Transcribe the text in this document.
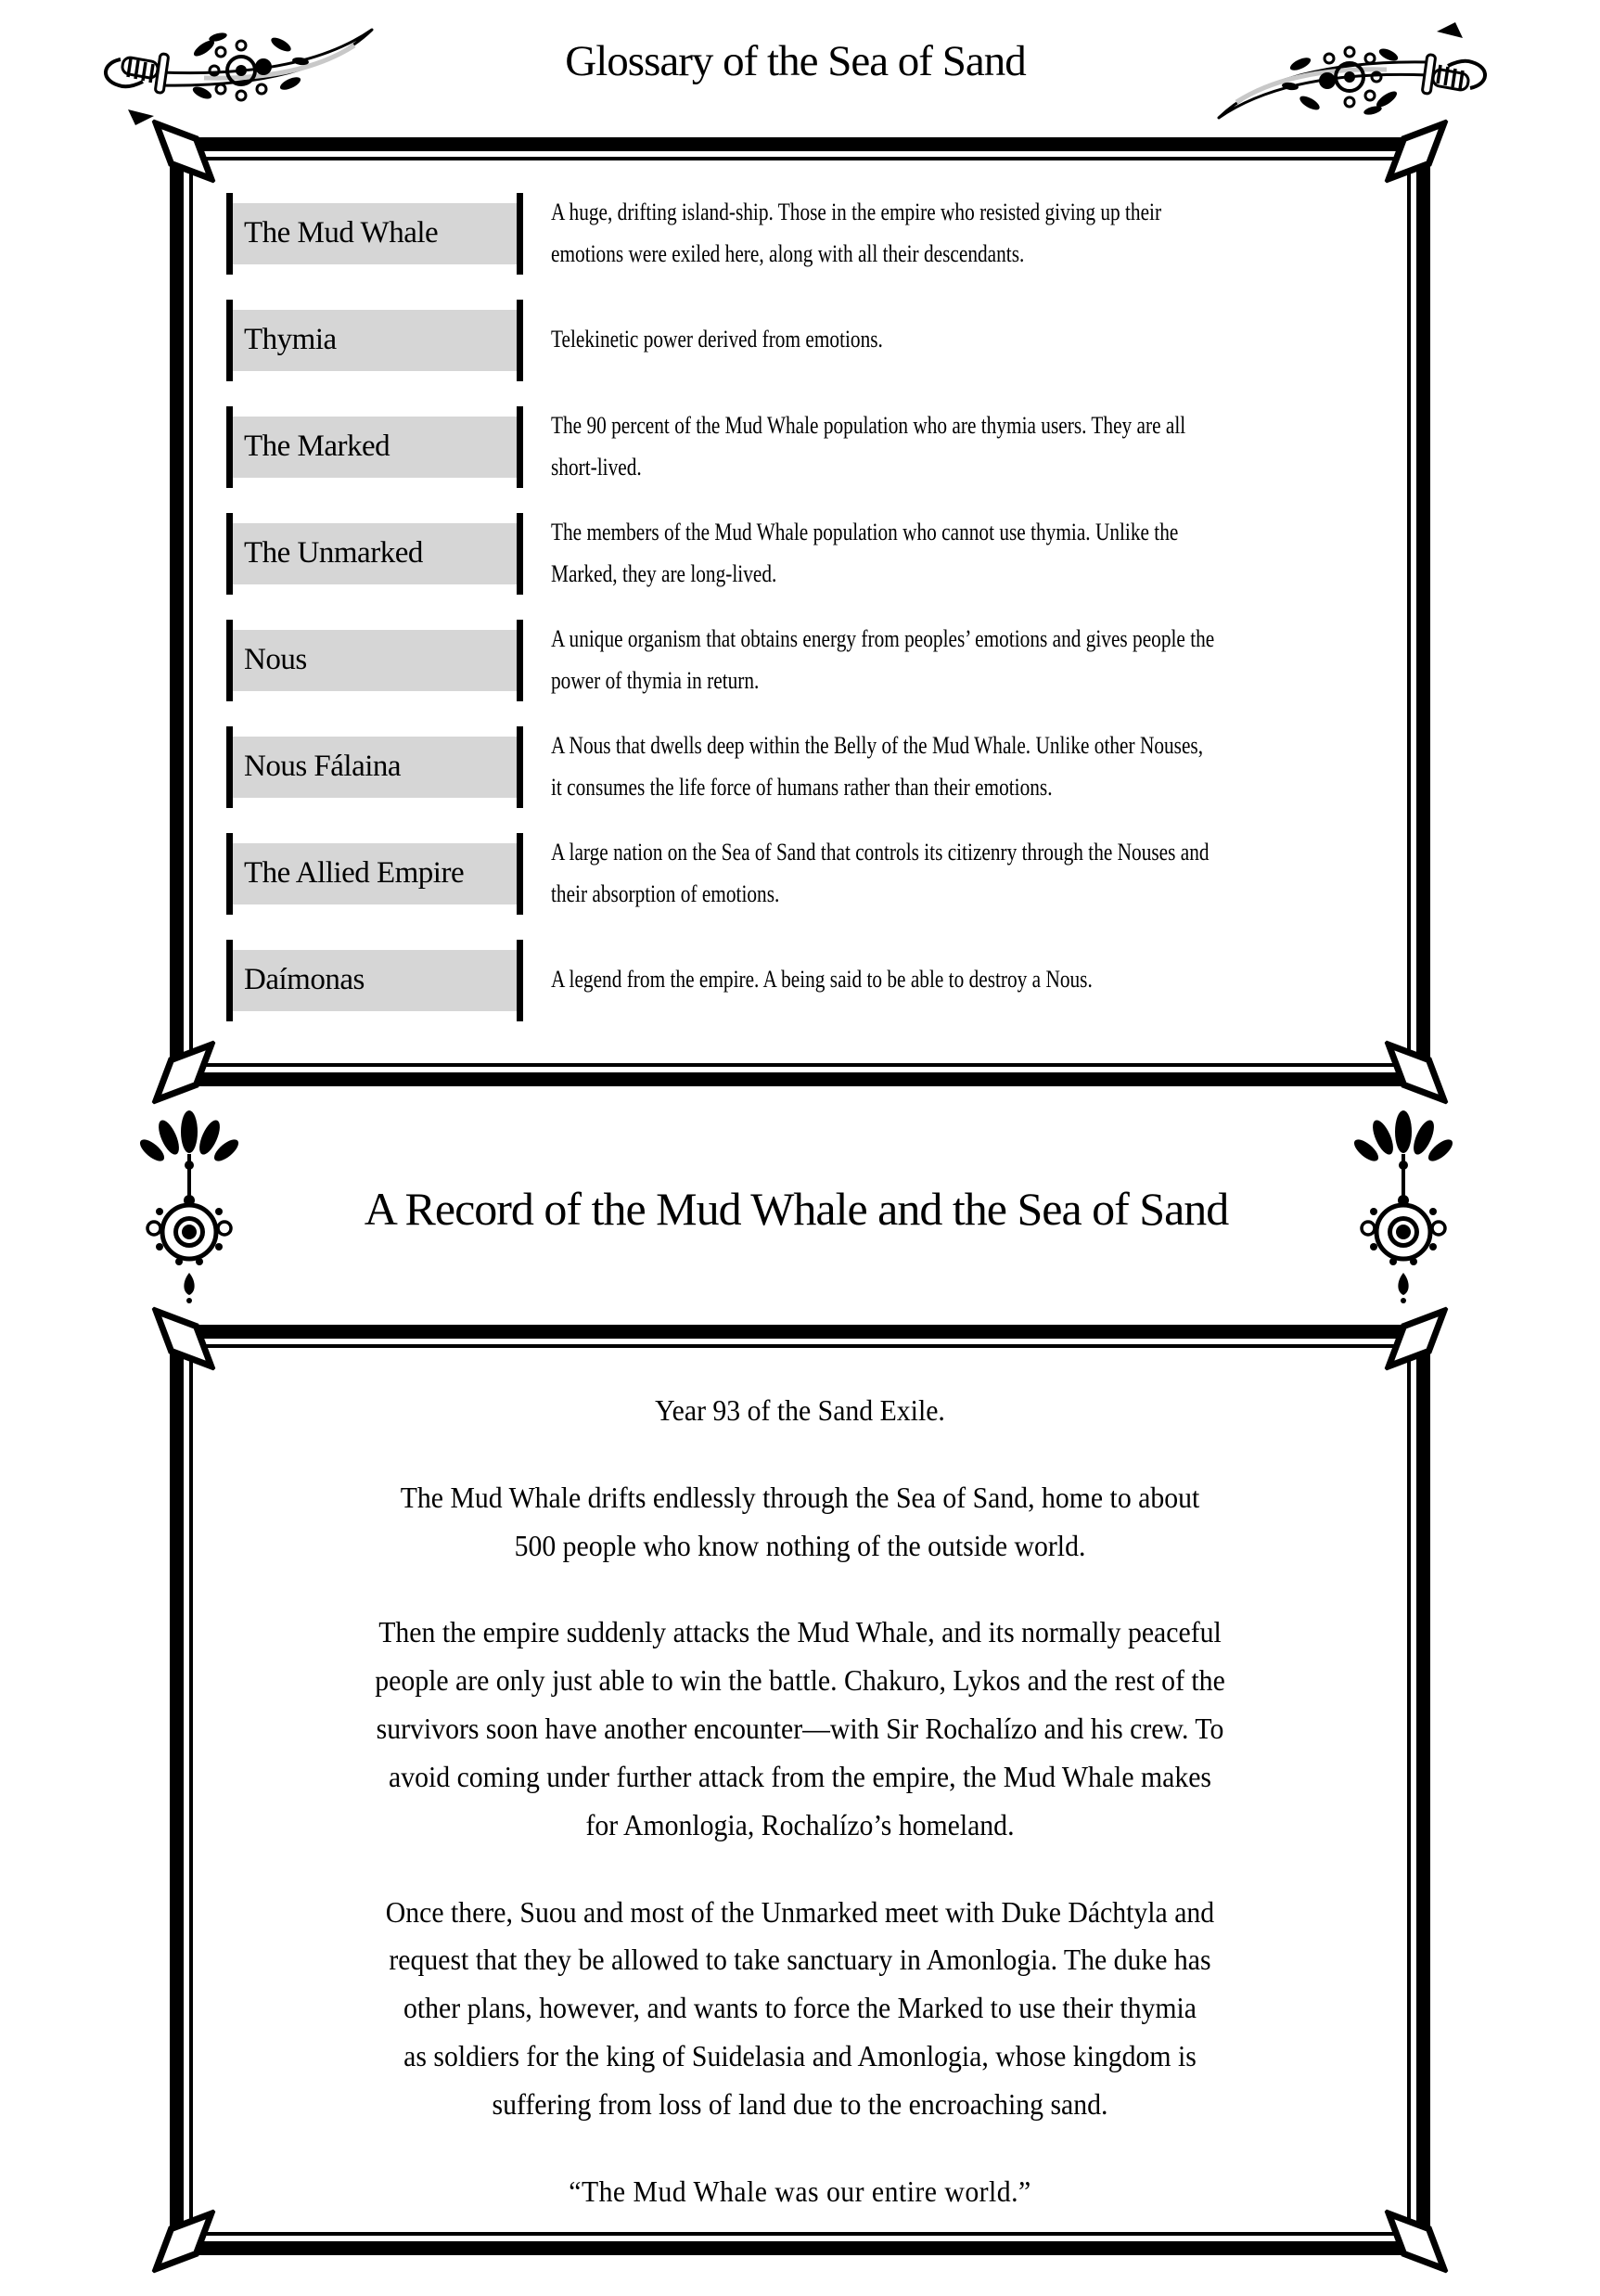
Glossary of the Sea of Sand
The Mud Whale
A huge, drifting island-ship. Those in the empire who resisted giving up their
emotions were exiled here, along with all their descendants.
Thymia	Telekinetic power derived from emotions.
The Marked
The 90 percent of the Mud Whale population who are thymia users. They are all
short-lived.
The Unmarked
The members of the Mud Whale population who cannot use thymia. Unlike the
Marked, they are long-lived.
Nous
A unique organism that obtains energy from peoples’ emotions and gives people the
power of thymia in return.
Nous Fálaina
A Nous that dwells deep within the Belly of the Mud Whale. Unlike other Nouses,
it consumes the life force of humans rather than their emotions.
The Allied Empire
A large nation on the Sea of Sand that controls its citizenry through the Nouses and
their absorption of emotions.
Daímonas	A legend from the empire. A being said to be able to destroy a Nous.
A Record of the Mud Whale and the Sea of Sand

Year 93 of the Sand Exile.

The Mud Whale drifts endlessly through the Sea of Sand, home to about
500 people who know nothing of the outside world.

Then the empire suddenly attacks the Mud Whale, and its normally peaceful
people are only just able to win the battle. Chakuro, Lykos and the rest of the
survivors soon have another encounter—with Sir Rochalízo and his crew. To
avoid coming under further attack from the empire, the Mud Whale makes
for Amonlogia, Rochalízo’s homeland.

Once there, Suou and most of the Unmarked meet with Duke Dáchtyla and
request that they be allowed to take sanctuary in Amonlogia. The duke has
other plans, however, and wants to force the Marked to use their thymia
as soldiers for the king of Suidelasia and Amonlogia, whose kingdom is
suffering from loss of land due to the encroaching sand.

“The Mud Whale was our entire world.”
